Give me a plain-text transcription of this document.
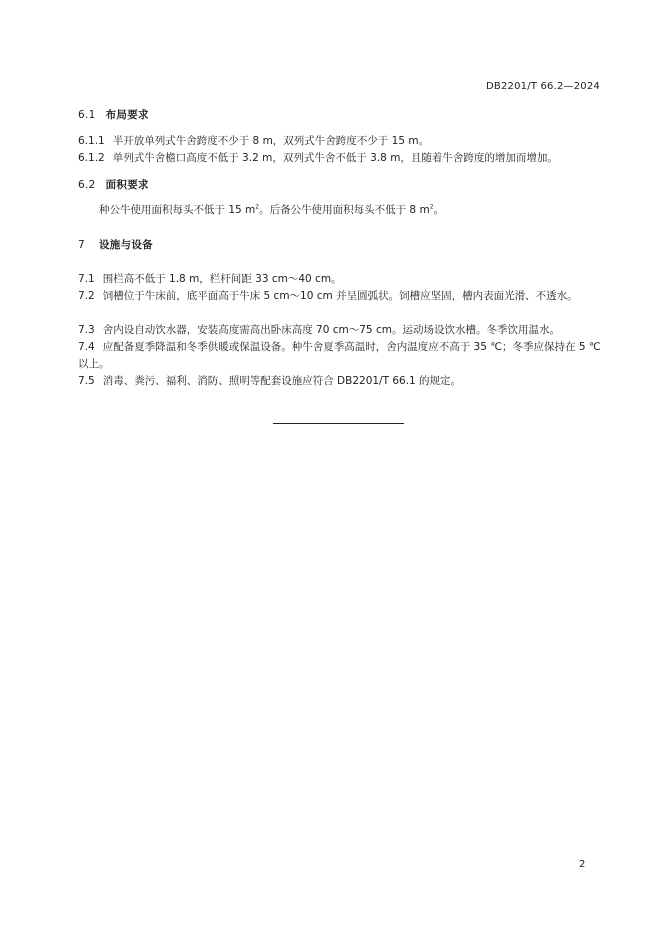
DB2201/T 66.2—2024
6.1 布局要求
6.1.1 半开放单列式牛舍跨度不少于 8 m，双列式牛舍跨度不少于 15 m。
6.1.2 单列式牛舍檐口高度不低于 3.2 m，双列式牛舍不低于 3.8 m，且随着牛舍跨度的增加而增加。
6.2 面积要求
种公牛使用面积每头不低于 15 $m^2$。后备公牛使用面积每头不低于 8 $m^2$。
7 设施与设备
7.1 围栏高不低于 1.8 m，栏杆间距 33 cm～40 cm。
7.2 饲槽位于牛床前，底平面高于牛床 5 cm～10 cm 并呈圆弧状。饲槽应坚固，槽内表面光滑、不透水。
7.3 舍内设自动饮水器，安装高度需高出卧床高度 70 cm～75 cm。运动场设饮水槽。冬季饮用温水。
7.4 应配备夏季降温和冬季供暖或保温设备。种牛舍夏季高温时，舍内温度应不高于 35 ℃；冬季应保持在 5 ℃ 以上。
7.5 消毒、粪污、福利、消防、照明等配套设施应符合 DB2201/T 66.1 的规定。
2
